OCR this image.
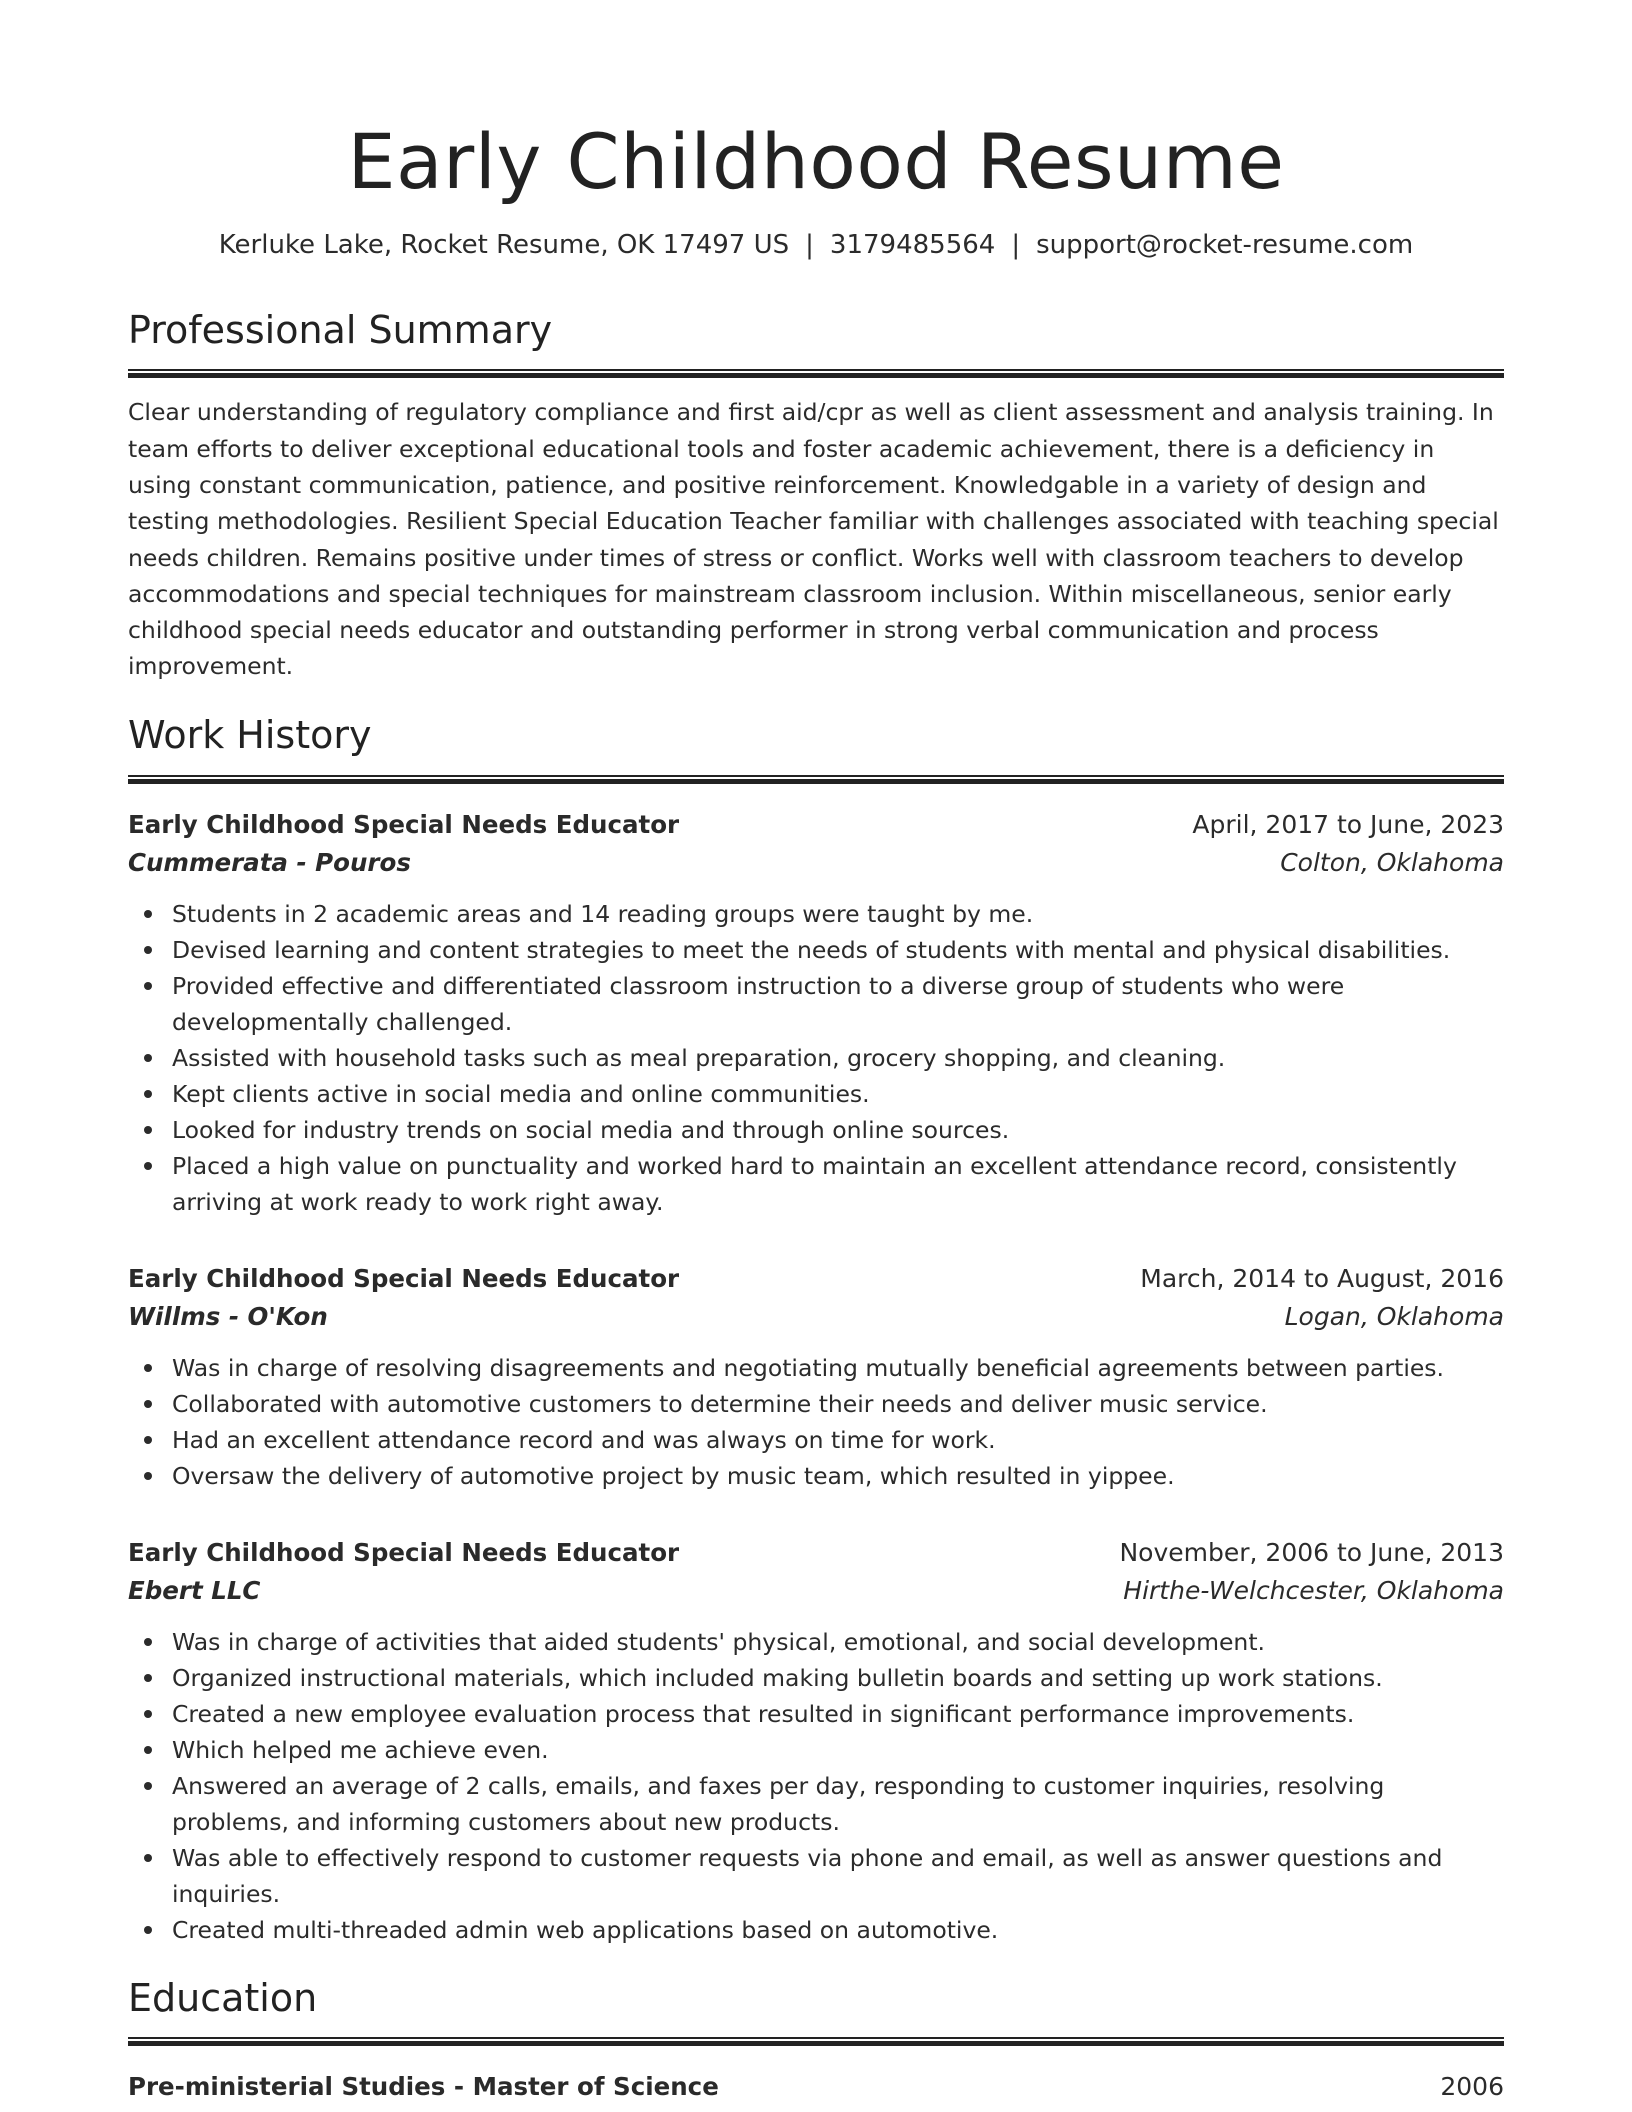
Early Childhood Resume
Kerluke Lake, Rocket Resume, OK 17497 US | 3179485564 | support@rocket-resume.com
Professional Summary

Clear understanding of regulatory compliance and first aid/cpr as well as client assessment and analysis training. In team efforts to deliver exceptional educational tools and foster academic achievement, there is a deficiency in using constant communication, patience, and positive reinforcement. Knowledgable in a variety of design and testing methodologies. Resilient Special Education Teacher familiar with challenges associated with teaching special needs children. Remains positive under times of stress or conflict. Works well with classroom teachers to develop accommodations and special techniques for mainstream classroom inclusion. Within miscellaneous, senior early childhood special needs educator and outstanding performer in strong verbal communication and process improvement.

Work History
Early Childhood Special Needs Educator	April, 2017 to June, 2023
Cummerata - Pouros	Colton, Oklahoma
Students in 2 academic areas and 14 reading groups were taught by me.
Devised learning and content strategies to meet the needs of students with mental and physical disabilities.
Provided effective and differentiated classroom instruction to a diverse group of students who were developmentally challenged.
Assisted with household tasks such as meal preparation, grocery shopping, and cleaning.
Kept clients active in social media and online communities.
Looked for industry trends on social media and through online sources.
Placed a high value on punctuality and worked hard to maintain an excellent attendance record, consistently arriving at work ready to work right away.
Early Childhood Special Needs Educator	March, 2014 to August, 2016
Willms - O'Kon	Logan, Oklahoma
Was in charge of resolving disagreements and negotiating mutually beneficial agreements between parties.
Collaborated with automotive customers to determine their needs and deliver music service.
Had an excellent attendance record and was always on time for work.
Oversaw the delivery of automotive project by music team, which resulted in yippee.
Early Childhood Special Needs Educator	November, 2006 to June, 2013
Ebert LLC	Hirthe-Welchcester, Oklahoma
Was in charge of activities that aided students' physical, emotional, and social development.
Organized instructional materials, which included making bulletin boards and setting up work stations.
Created a new employee evaluation process that resulted in significant performance improvements.
Which helped me achieve even.
Answered an average of 2 calls, emails, and faxes per day, responding to customer inquiries, resolving problems, and informing customers about new products.
Was able to effectively respond to customer requests via phone and email, as well as answer questions and inquiries.
Created multi-threaded admin web applications based on automotive.
Education
Pre-ministerial Studies - Master of Science	2006
